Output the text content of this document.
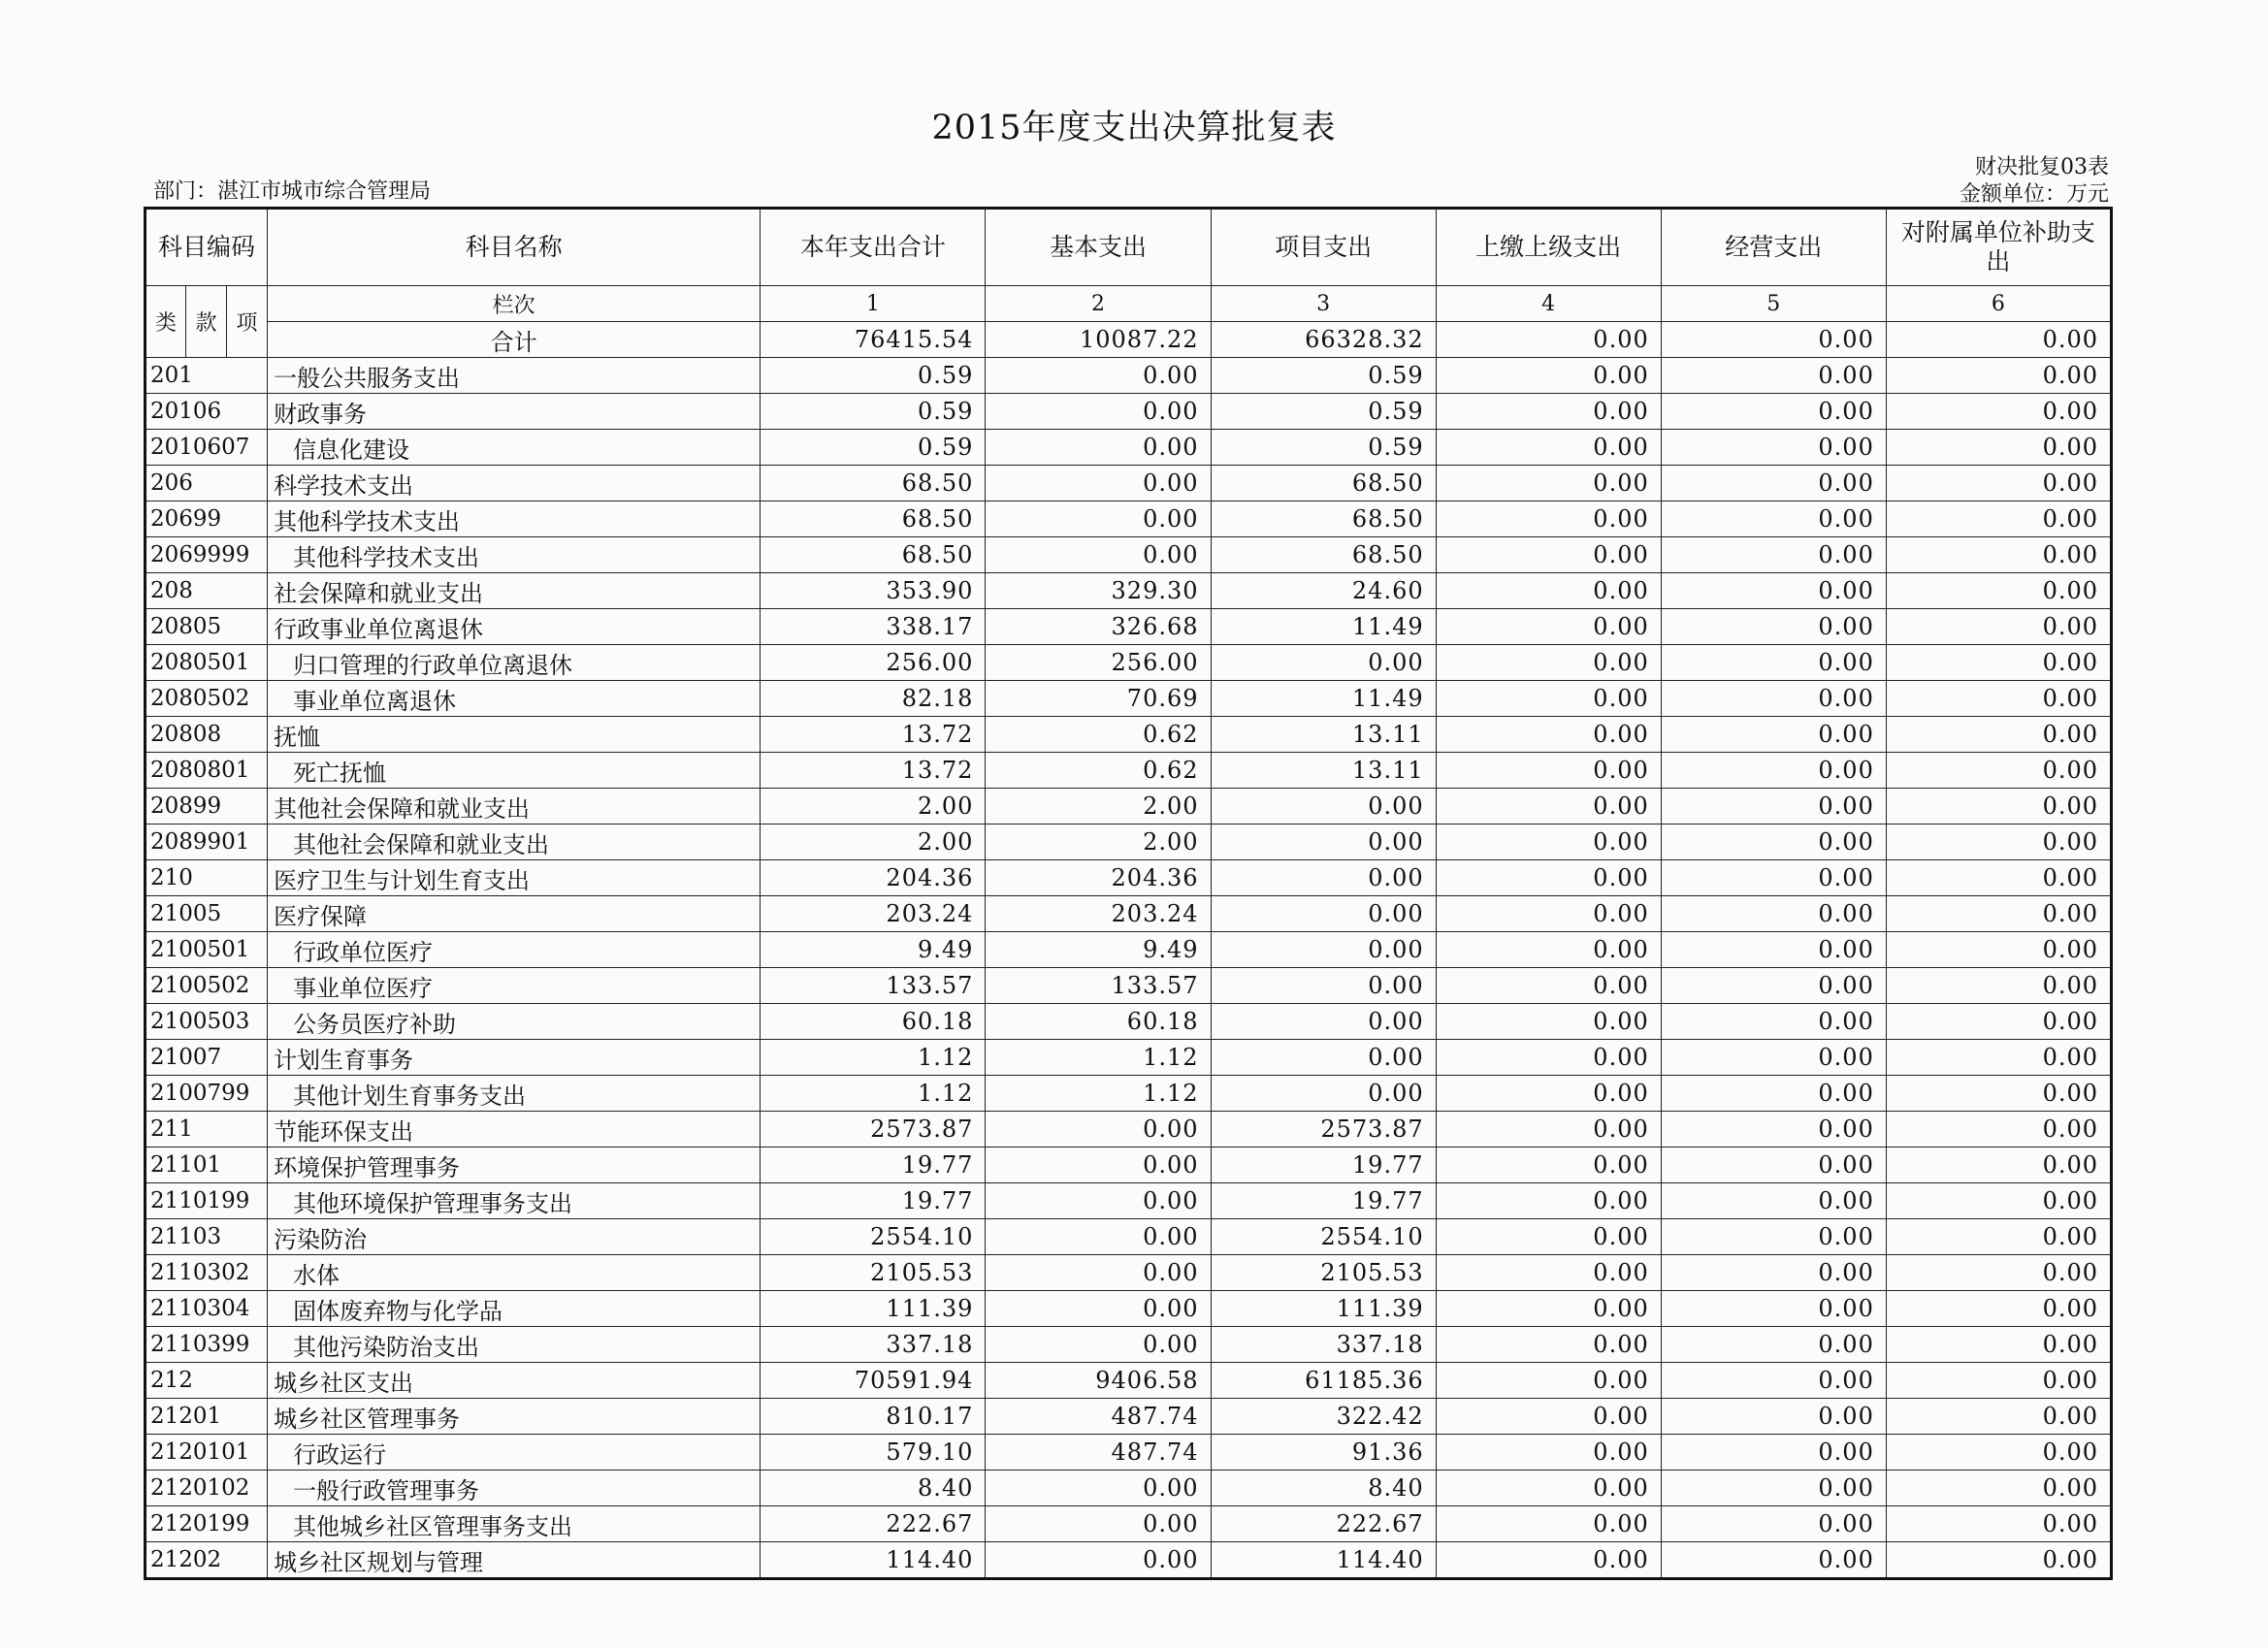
2015年度支出决算批复表
部门：湛江市城市综合管理局
财决批复03表
金额单位：万元
科目编码			科目名称	本年支出合计	基本支出	项目支出	上缴上级支出	经营支出	对附属单位补助支出
类	款	项	栏次	1	2	3	4	5	6
			合计	76415.54	10087.22	66328.32	0.00	0.00	0.00
201			一般公共服务支出	0.59	0.00	0.59	0.00	0.00	0.00
20106			财政事务	0.59	0.00	0.59	0.00	0.00	0.00
2010607			信息化建设	0.59	0.00	0.59	0.00	0.00	0.00
206			科学技术支出	68.50	0.00	68.50	0.00	0.00	0.00
20699			其他科学技术支出	68.50	0.00	68.50	0.00	0.00	0.00
2069999			其他科学技术支出	68.50	0.00	68.50	0.00	0.00	0.00
208			社会保障和就业支出	353.90	329.30	24.60	0.00	0.00	0.00
20805			行政事业单位离退休	338.17	326.68	11.49	0.00	0.00	0.00
2080501			归口管理的行政单位离退休	256.00	256.00	0.00	0.00	0.00	0.00
2080502			事业单位离退休	82.18	70.69	11.49	0.00	0.00	0.00
20808			抚恤	13.72	0.62	13.11	0.00	0.00	0.00
2080801			死亡抚恤	13.72	0.62	13.11	0.00	0.00	0.00
20899			其他社会保障和就业支出	2.00	2.00	0.00	0.00	0.00	0.00
2089901			其他社会保障和就业支出	2.00	2.00	0.00	0.00	0.00	0.00
210			医疗卫生与计划生育支出	204.36	204.36	0.00	0.00	0.00	0.00
21005			医疗保障	203.24	203.24	0.00	0.00	0.00	0.00
2100501			行政单位医疗	9.49	9.49	0.00	0.00	0.00	0.00
2100502			事业单位医疗	133.57	133.57	0.00	0.00	0.00	0.00
2100503			公务员医疗补助	60.18	60.18	0.00	0.00	0.00	0.00
21007			计划生育事务	1.12	1.12	0.00	0.00	0.00	0.00
2100799			其他计划生育事务支出	1.12	1.12	0.00	0.00	0.00	0.00
211			节能环保支出	2573.87	0.00	2573.87	0.00	0.00	0.00
21101			环境保护管理事务	19.77	0.00	19.77	0.00	0.00	0.00
2110199			其他环境保护管理事务支出	19.77	0.00	19.77	0.00	0.00	0.00
21103			污染防治	2554.10	0.00	2554.10	0.00	0.00	0.00
2110302			水体	2105.53	0.00	2105.53	0.00	0.00	0.00
2110304			固体废弃物与化学品	111.39	0.00	111.39	0.00	0.00	0.00
2110399			其他污染防治支出	337.18	0.00	337.18	0.00	0.00	0.00
212			城乡社区支出	70591.94	9406.58	61185.36	0.00	0.00	0.00
21201			城乡社区管理事务	810.17	487.74	322.42	0.00	0.00	0.00
2120101			行政运行	579.10	487.74	91.36	0.00	0.00	0.00
2120102			一般行政管理事务	8.40	0.00	8.40	0.00	0.00	0.00
2120199			其他城乡社区管理事务支出	222.67	0.00	222.67	0.00	0.00	0.00
21202			城乡社区规划与管理	114.40	0.00	114.40	0.00	0.00	0.00
